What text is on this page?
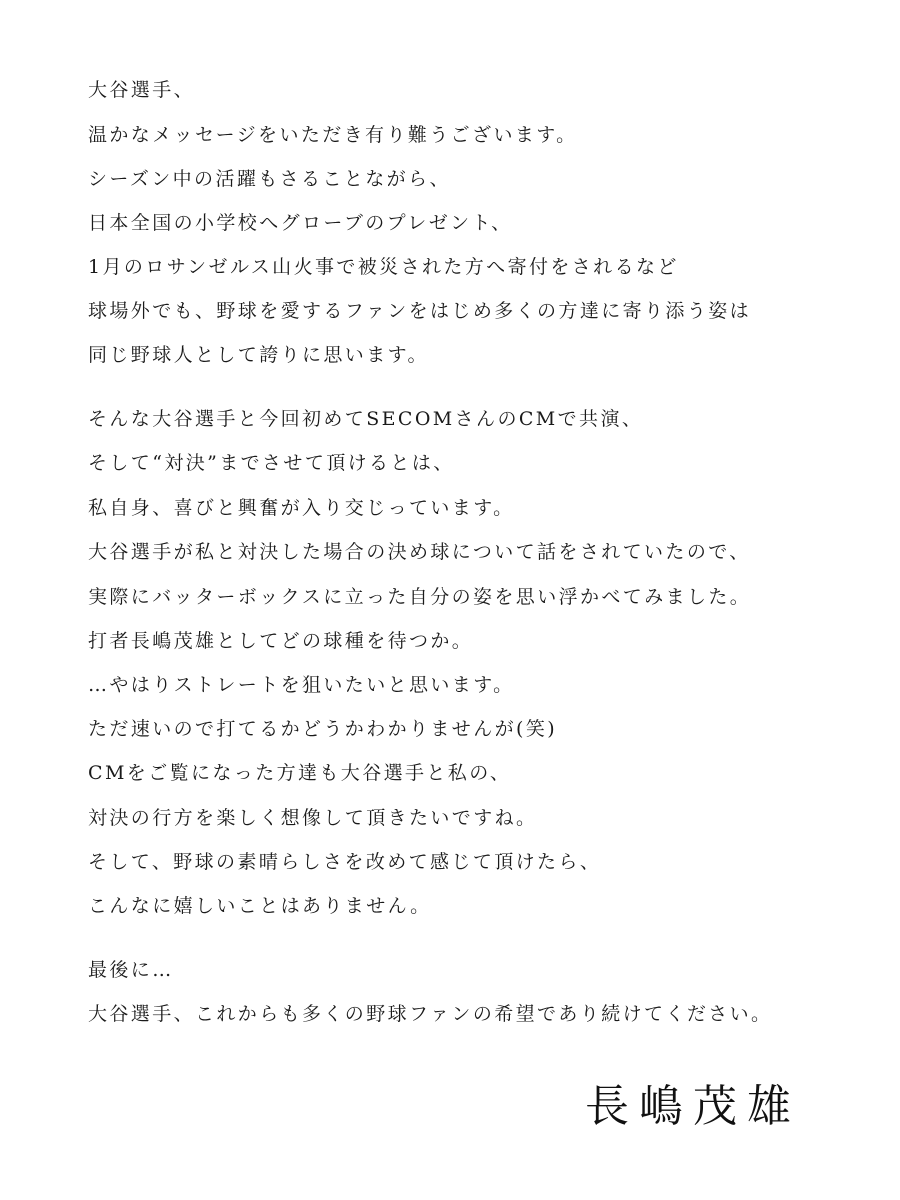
大谷選手、
温かなメッセージをいただき有り難うございます。
シーズン中の活躍もさることながら、
日本全国の小学校へグローブのプレゼント、
1月のロサンゼルス山火事で被災された方へ寄付をされるなど
球場外でも、野球を愛するファンをはじめ多くの方達に寄り添う姿は
同じ野球人として誇りに思います。
そんな大谷選手と今回初めてSECOMさんのCMで共演、
そして“対決”までさせて頂けるとは、
私自身、喜びと興奮が入り交じっています。
大谷選手が私と対決した場合の決め球について話をされていたので、
実際にバッターボックスに立った自分の姿を思い浮かべてみました。
打者長嶋茂雄としてどの球種を待つか。
…やはりストレートを狙いたいと思います。
ただ速いので打てるかどうかわかりませんが(笑)
CMをご覧になった方達も大谷選手と私の、
対決の行方を楽しく想像して頂きたいですね。
そして、野球の素晴らしさを改めて感じて頂けたら、
こんなに嬉しいことはありません。
最後に…
大谷選手、これからも多くの野球ファンの希望であり続けてください。
長嶋茂雄
